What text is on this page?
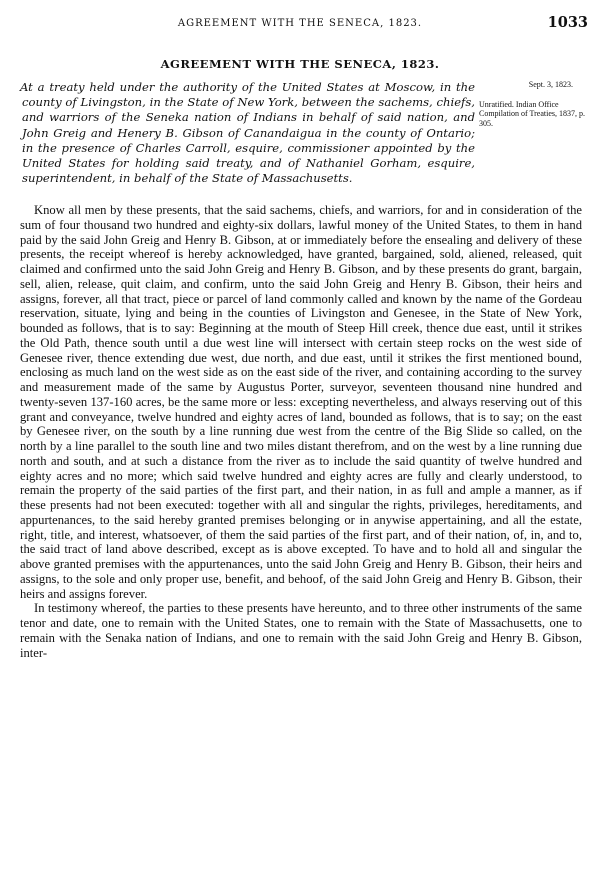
AGREEMENT WITH THE SENECA, 1823.	1033
AGREEMENT WITH THE SENECA, 1823.
At a treaty held under the authority of the United States at Moscow, in the county of Livingston, in the State of New York, between the sachems, chiefs, and warriors of the Seneka nation of Indians in behalf of said nation, and John Greig and Henery B. Gibson of Canandaigua in the county of Ontario; in the presence of Charles Carroll, esquire, commissioner appointed by the United States for holding said treaty, and of Nathaniel Gorham, esquire, superintendent, in behalf of the State of Massachusetts.
Sept. 3, 1823.
Unratified. Indian Office Compilation of Treaties, 1837, p. 305.

Know all men by these presents, that the said sachems, chiefs, and warriors, for and in consideration of the sum of four thousand two hundred and eighty-six dollars, lawful money of the United States, to them in hand paid by the said John Greig and Henry B. Gibson, at or immediately before the ensealing and delivery of these presents, the receipt whereof is hereby acknowledged, have granted, bargained, sold, aliened, released, quit claimed and confirmed unto the said John Greig and Henry B. Gibson, and by these presents do grant, bargain, sell, alien, release, quit claim, and confirm, unto the said John Greig and Henry B. Gibson, their heirs and assigns, forever, all that tract, piece or parcel of land commonly called and known by the name of the Gordeau reservation, situate, lying and being in the counties of Livingston and Genesee, in the State of New York, bounded as follows, that is to say: Beginning at the mouth of Steep Hill creek, thence due east, until it strikes the Old Path, thence south until a due west line will intersect with certain steep rocks on the west side of Genesee river, thence extending due west, due north, and due east, until it strikes the first mentioned bound, enclosing as much land on the west side as on the east side of the river, and containing according to the survey and measurement made of the same by Augustus Porter, surveyor, seventeen thousand nine hundred and twenty-seven 137-160 acres, be the same more or less: excepting nevertheless, and always reserving out of this grant and conveyance, twelve hundred and eighty acres of land, bounded as follows, that is to say; on the east by Genesee river, on the south by a line running due west from the centre of the Big Slide so called, on the north by a line parallel to the south line and two miles distant therefrom, and on the west by a line running due north and south, and at such a distance from the river as to include the said quantity of twelve hundred and eighty acres and no more; which said twelve hundred and eighty acres are fully and clearly understood, to remain the property of the said parties of the first part, and their nation, in as full and ample a manner, as if these presents had not been executed: together with all and singular the rights, privileges, hereditaments, and appurtenances, to the said hereby granted premises belonging or in anywise appertaining, and all the estate, right, title, and interest, whatsoever, of them the said parties of the first part, and of their nation, of, in, and to, the said tract of land above described, except as is above excepted. To have and to hold all and singular the above granted premises with the appurtenances, unto the said John Greig and Henry B. Gibson, their heirs and assigns, to the sole and only proper use, benefit, and behoof, of the said John Greig and Henry B. Gibson, their heirs and assigns forever.

In testimony whereof, the parties to these presents have hereunto, and to three other instruments of the same tenor and date, one to remain with the United States, one to remain with the State of Massachusetts, one to remain with the Senaka nation of Indians, and one to remain with the said John Greig and Henry B. Gibson, inter-
